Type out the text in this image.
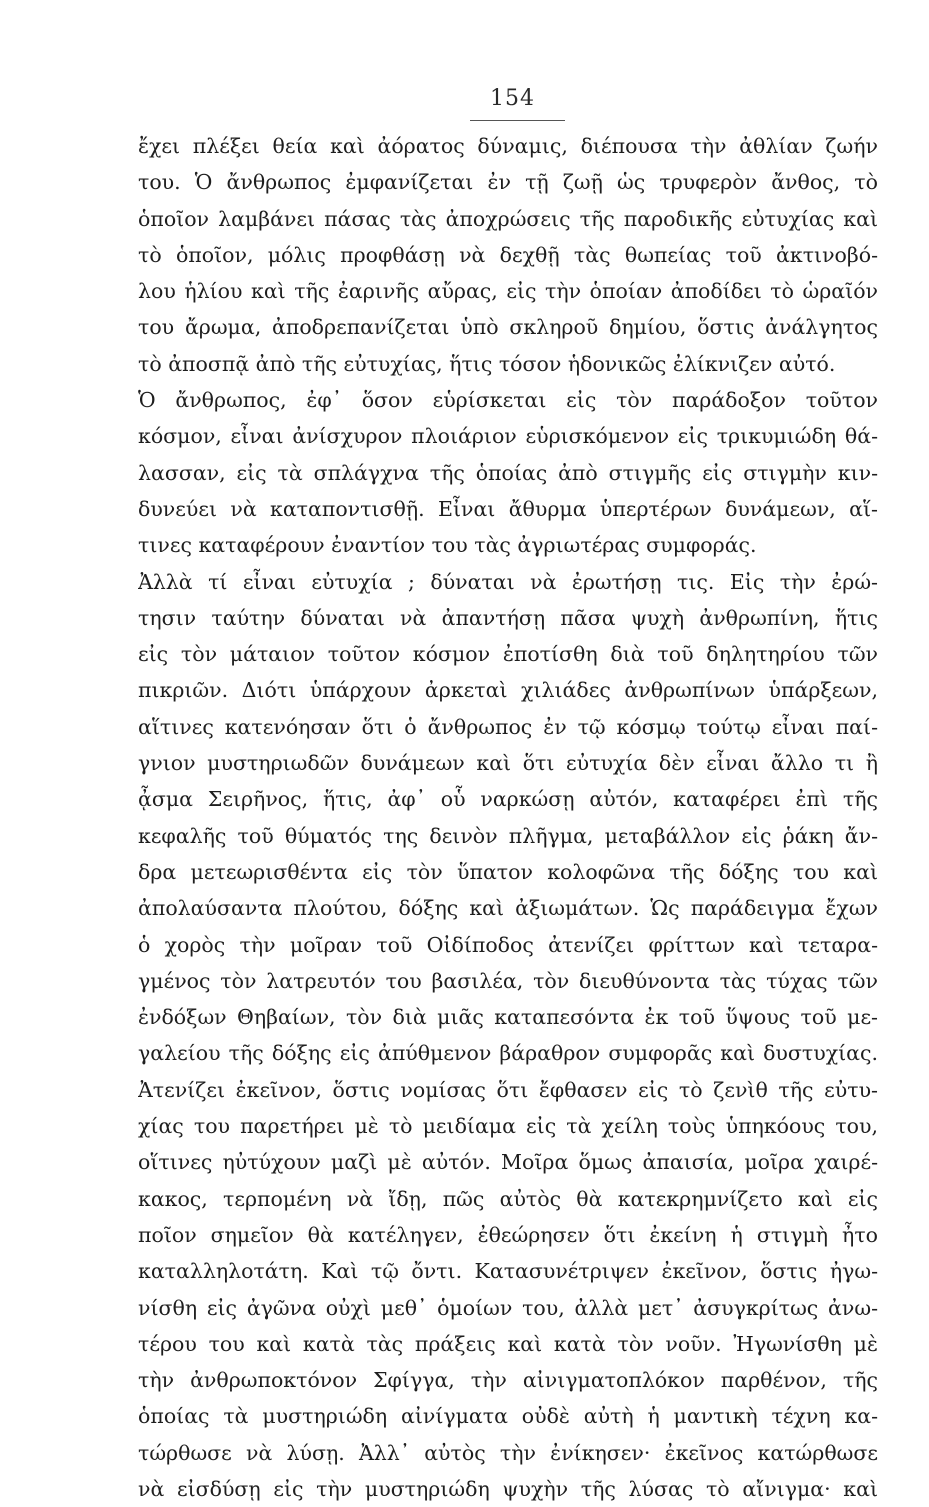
154
ἔχει πλέξει θεία καὶ ἀόρατος δύναμις, διέπουσα τὴν ἀθλίαν ζωήν
του. Ὁ ἄνθρωπος ἐμφανίζεται ἐν τῇ ζωῇ ὡς τρυφερὸν ἄνθος, τὸ
ὁποῖον λαμβάνει πάσας τὰς ἀποχρώσεις τῆς παροδικῆς εὐτυχίας καὶ
τὸ ὁποῖον, μόλις προφθάσῃ νὰ δεχθῇ τὰς θωπείας τοῦ ἀκτινοβό-
λου ἡλίου καὶ τῆς ἐαρινῆς αὔρας, εἰς τὴν ὁποίαν ἀποδίδει τὸ ὡραῖόν
του ἄρωμα, ἀποδρεπανίζεται ὑπὸ σκληροῦ δημίου, ὅστις ἀνάλγητος
τὸ ἀποσπᾷ ἀπὸ τῆς εὐτυχίας, ἥτις τόσον ἡδονικῶς ἐλίκνιζεν αὐτό.
Ὁ ἄνθρωπος, ἐφ᾽ ὅσον εὑρίσκεται εἰς τὸν παράδοξον τοῦτον
κόσμον, εἶναι ἀνίσχυρον πλοιάριον εὑρισκόμενον εἰς τρικυμιώδη θά-
λασσαν, εἰς τὰ σπλάγχνα τῆς ὁποίας ἀπὸ στιγμῆς εἰς στιγμὴν κιν-
δυνεύει νὰ καταποντισθῇ. Εἶναι ἄθυρμα ὑπερτέρων δυνάμεων, αἵ-
τινες καταφέρουν ἐναντίον του τὰς ἀγριωτέρας συμφοράς.
Ἀλλὰ τί εἶναι εὐτυχία ; δύναται νὰ ἐρωτήσῃ τις. Εἰς τὴν ἐρώ-
τησιν ταύτην δύναται νὰ ἀπαντήσῃ πᾶσα ψυχὴ ἀνθρωπίνη, ἥτις
εἰς τὸν μάταιον τοῦτον κόσμον ἐποτίσθη διὰ τοῦ δηλητηρίου τῶν
πικριῶν. Διότι ὑπάρχουν ἀρκεταὶ χιλιάδες ἀνθρωπίνων ὑπάρξεων,
αἵτινες κατενόησαν ὅτι ὁ ἄνθρωπος ἐν τῷ κόσμῳ τούτῳ εἶναι παί-
γνιον μυστηριωδῶν δυνάμεων καὶ ὅτι εὐτυχία δὲν εἶναι ἄλλο τι ἢ
ᾆσμα Σειρῆνος, ἥτις, ἀφ᾽ οὗ ναρκώσῃ αὐτόν, καταφέρει ἐπὶ τῆς
κεφαλῆς τοῦ θύματός της δεινὸν πλῆγμα, μεταβάλλον εἰς ῥάκη ἄν-
δρα μετεωρισθέντα εἰς τὸν ὕπατον κολοφῶνα τῆς δόξης του καὶ
ἀπολαύσαντα πλούτου, δόξης καὶ ἀξιωμάτων. Ὡς παράδειγμα ἔχων
ὁ χορὸς τὴν μοῖραν τοῦ Οἰδίποδος ἀτενίζει φρίττων καὶ τεταρα-
γμένος τὸν λατρευτόν του βασιλέα, τὸν διευθύνοντα τὰς τύχας τῶν
ἐνδόξων Θηβαίων, τὸν διὰ μιᾶς καταπεσόντα ἐκ τοῦ ὕψους τοῦ με-
γαλείου τῆς δόξης εἰς ἀπύθμενον βάραθρον συμφορᾶς καὶ δυστυχίας.
Ἀτενίζει ἐκεῖνον, ὅστις νομίσας ὅτι ἔφθασεν εἰς τὸ ζενὶθ τῆς εὐτυ-
χίας του παρετήρει μὲ τὸ μειδίαμα εἰς τὰ χείλη τοὺς ὑπηκόους του,
οἵτινες ηὐτύχουν μαζὶ μὲ αὐτόν. Μοῖρα ὅμως ἀπαισία, μοῖρα χαιρέ-
κακος, τερπομένη νὰ ἴδῃ, πῶς αὐτὸς θὰ κατεκρημνίζετο καὶ εἰς
ποῖον σημεῖον θὰ κατέληγεν, ἐθεώρησεν ὅτι ἐκείνη ἡ στιγμὴ ἦτο
καταλληλοτάτη. Καὶ τῷ ὄντι. Κατασυνέτριψεν ἐκεῖνον, ὅστις ἠγω-
νίσθη εἰς ἀγῶνα οὐχὶ μεθ᾽ ὁμοίων του, ἀλλὰ μετ᾽ ἀσυγκρίτως ἀνω-
τέρου του καὶ κατὰ τὰς πράξεις καὶ κατὰ τὸν νοῦν. Ἠγωνίσθη μὲ
τὴν ἀνθρωποκτόνον Σφίγγα, τὴν αἰνιγματοπλόκον παρθένον, τῆς
ὁποίας τὰ μυστηριώδη αἰνίγματα οὐδὲ αὐτὴ ἡ μαντικὴ τέχνη κα-
τώρθωσε νὰ λύσῃ. Ἀλλ᾽ αὐτὸς τὴν ἐνίκησεν· ἐκεῖνος κατώρθωσε
νὰ εἰσδύσῃ εἰς τὴν μυστηριώδη ψυχὴν τῆς λύσας τὸ αἴνιγμα· καὶ
